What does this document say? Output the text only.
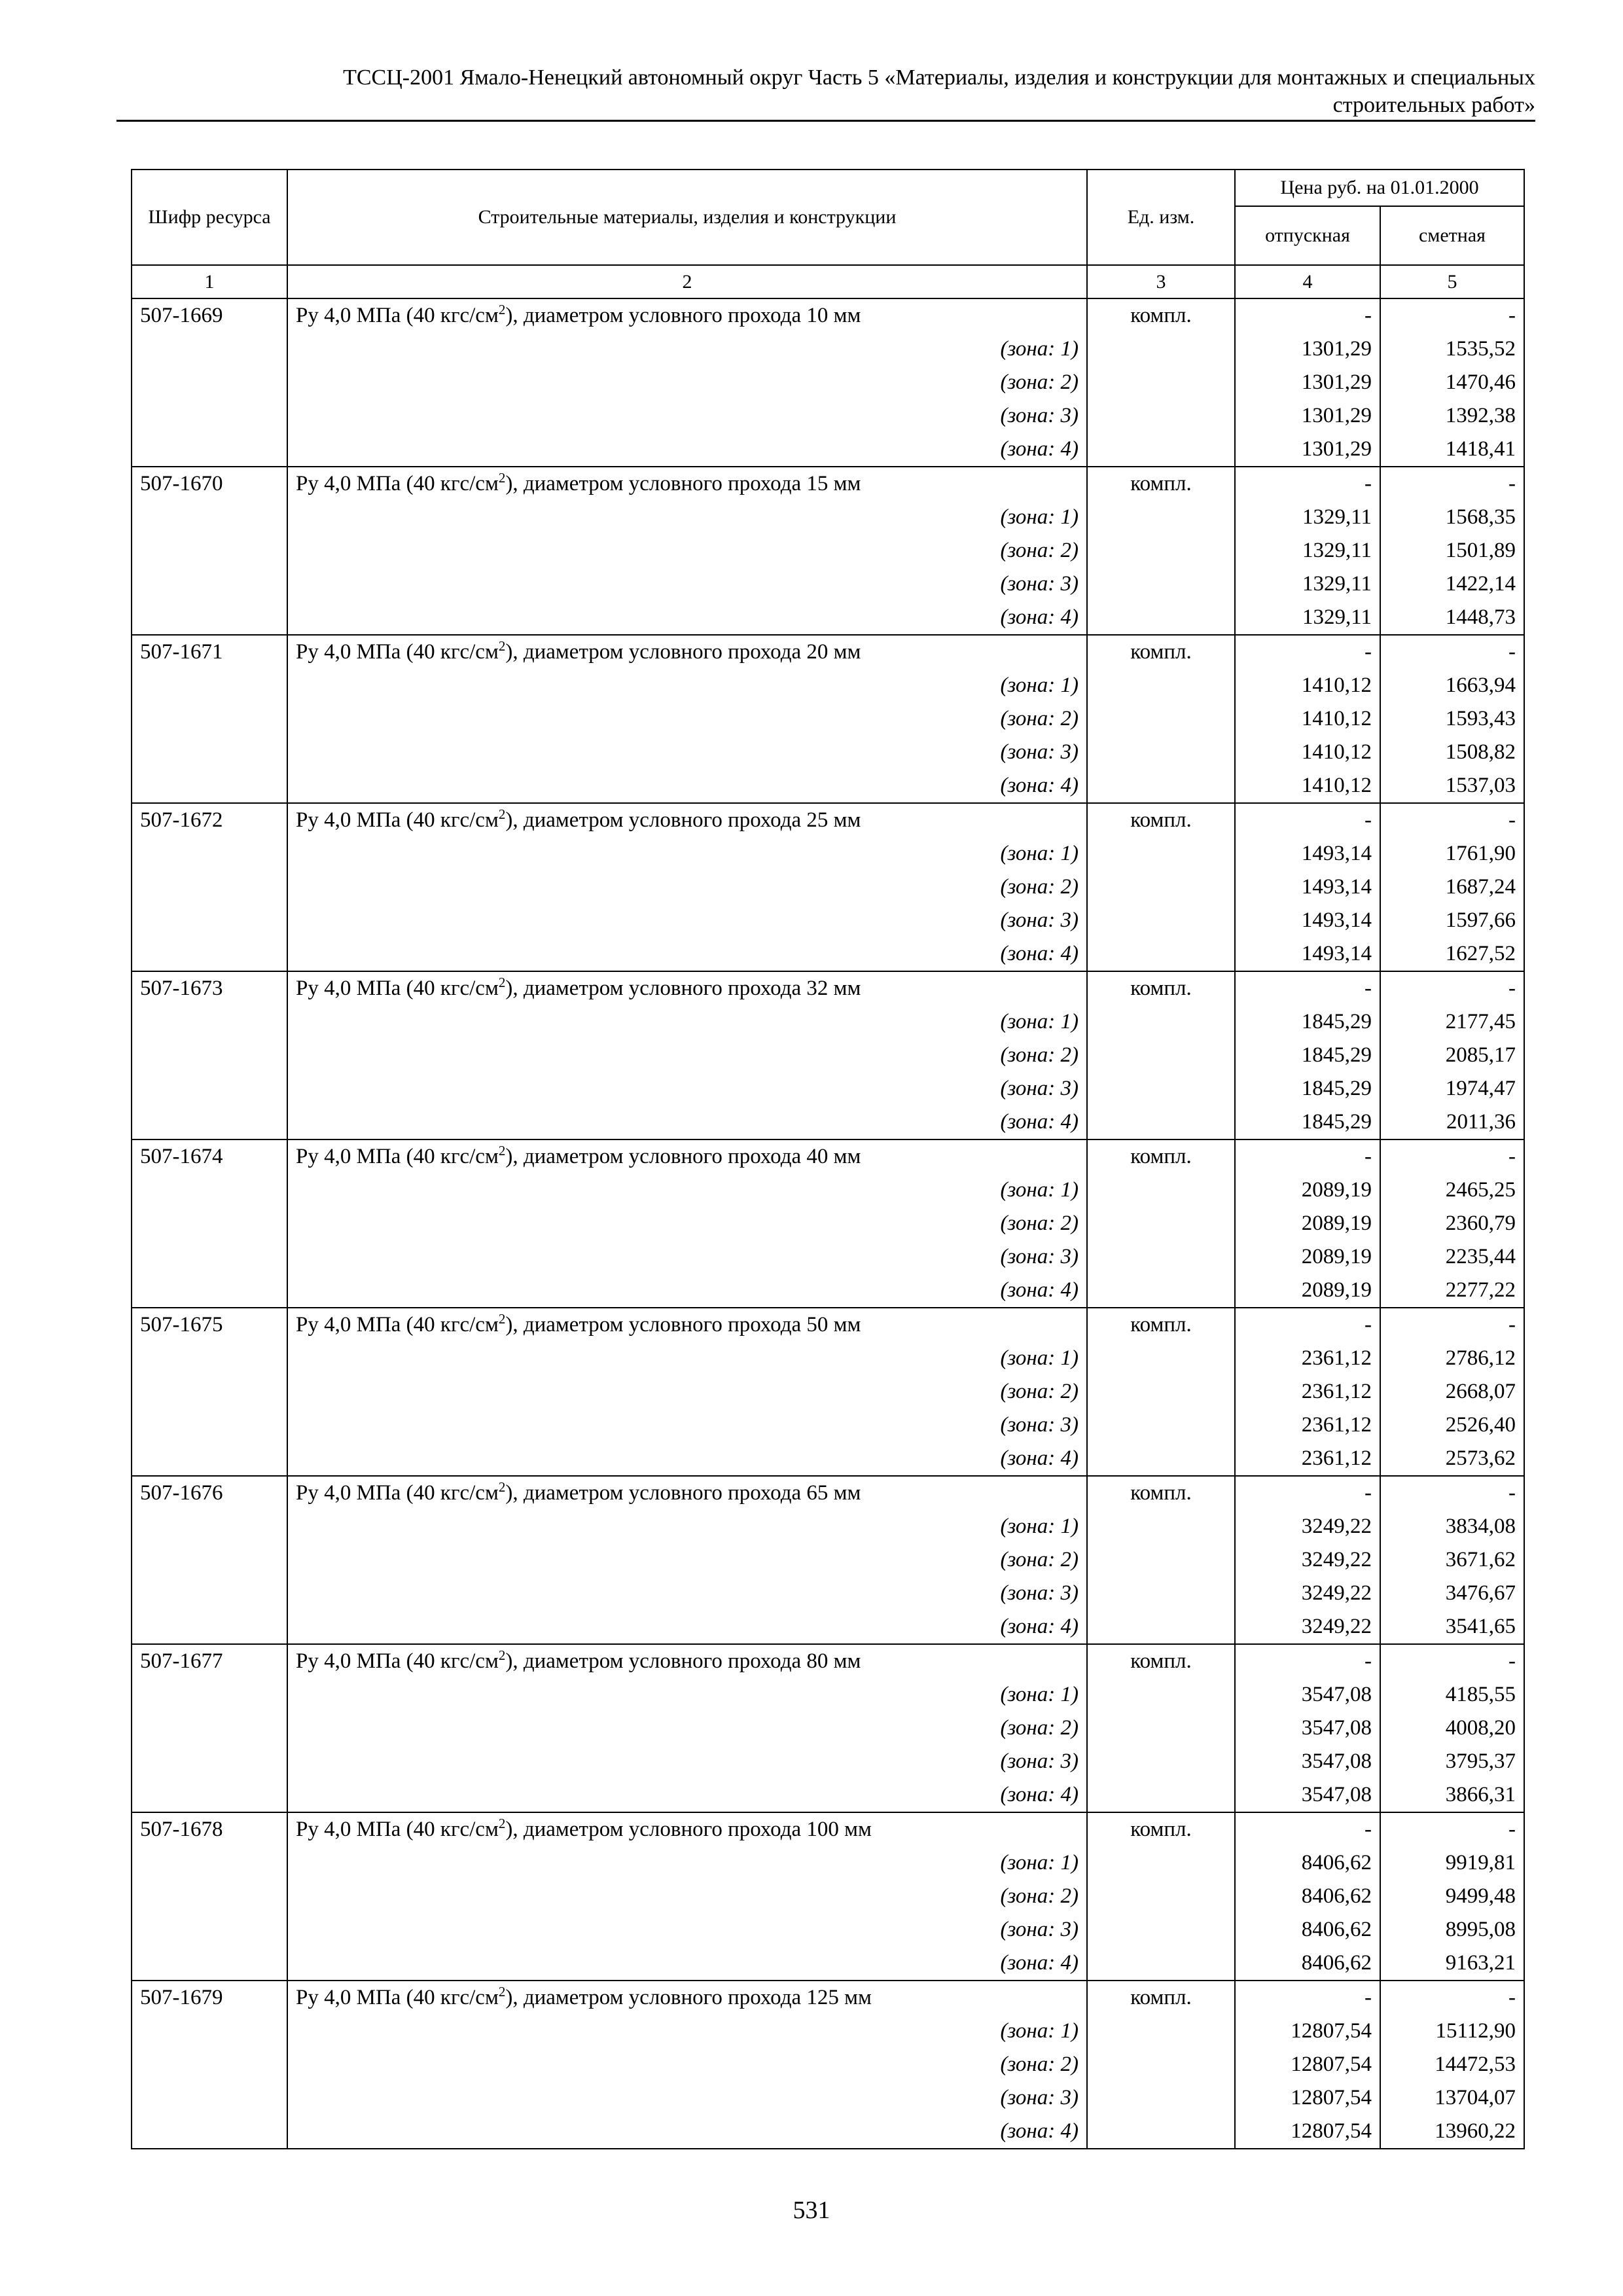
ТССЦ-2001 Ямало-Ненецкий автономный округ Часть 5 «Материалы, изделия и конструкции для монтажных и специальных
строительных работ»
Шифр ресурса	Строительные материалы, изделия и конструкции	Ед. изм.	Цена руб. на 01.01.2000	
			отпускная	сметная
1	2	3	4	5
507-1669	Ру 4,0 МПа (40 кгс/$см^2$), диаметром условного прохода 10 мм	компл.	-	-
	(зона: 1)		1301,29	1535,52
	(зона: 2)		1301,29	1470,46
	(зона: 3)		1301,29	1392,38
	(зона: 4)		1301,29	1418,41
507-1670	Ру 4,0 МПа (40 кгс/$см^2$), диаметром условного прохода 15 мм	компл.	-	-
	(зона: 1)		1329,11	1568,35
	(зона: 2)		1329,11	1501,89
	(зона: 3)		1329,11	1422,14
	(зона: 4)		1329,11	1448,73
507-1671	Ру 4,0 МПа (40 кгс/$см^2$), диаметром условного прохода 20 мм	компл.	-	-
	(зона: 1)		1410,12	1663,94
	(зона: 2)		1410,12	1593,43
	(зона: 3)		1410,12	1508,82
	(зона: 4)		1410,12	1537,03
507-1672	Ру 4,0 МПа (40 кгс/$см^2$), диаметром условного прохода 25 мм	компл.	-	-
	(зона: 1)		1493,14	1761,90
	(зона: 2)		1493,14	1687,24
	(зона: 3)		1493,14	1597,66
	(зона: 4)		1493,14	1627,52
507-1673	Ру 4,0 МПа (40 кгс/$см^2$), диаметром условного прохода 32 мм	компл.	-	-
	(зона: 1)		1845,29	2177,45
	(зона: 2)		1845,29	2085,17
	(зона: 3)		1845,29	1974,47
	(зона: 4)		1845,29	2011,36
507-1674	Ру 4,0 МПа (40 кгс/$см^2$), диаметром условного прохода 40 мм	компл.	-	-
	(зона: 1)		2089,19	2465,25
	(зона: 2)		2089,19	2360,79
	(зона: 3)		2089,19	2235,44
	(зона: 4)		2089,19	2277,22
507-1675	Ру 4,0 МПа (40 кгс/$см^2$), диаметром условного прохода 50 мм	компл.	-	-
	(зона: 1)		2361,12	2786,12
	(зона: 2)		2361,12	2668,07
	(зона: 3)		2361,12	2526,40
	(зона: 4)		2361,12	2573,62
507-1676	Ру 4,0 МПа (40 кгс/$см^2$), диаметром условного прохода 65 мм	компл.	-	-
	(зона: 1)		3249,22	3834,08
	(зона: 2)		3249,22	3671,62
	(зона: 3)		3249,22	3476,67
	(зона: 4)		3249,22	3541,65
507-1677	Ру 4,0 МПа (40 кгс/$см^2$), диаметром условного прохода 80 мм	компл.	-	-
	(зона: 1)		3547,08	4185,55
	(зона: 2)		3547,08	4008,20
	(зона: 3)		3547,08	3795,37
	(зона: 4)		3547,08	3866,31
507-1678	Ру 4,0 МПа (40 кгс/$см^2$), диаметром условного прохода 100 мм	компл.	-	-
	(зона: 1)		8406,62	9919,81
	(зона: 2)		8406,62	9499,48
	(зона: 3)		8406,62	8995,08
	(зона: 4)		8406,62	9163,21
507-1679	Ру 4,0 МПа (40 кгс/$см^2$), диаметром условного прохода 125 мм	компл.	-	-
	(зона: 1)		12807,54	15112,90
	(зона: 2)		12807,54	14472,53
	(зона: 3)		12807,54	13704,07
	(зона: 4)		12807,54	13960,22
531
